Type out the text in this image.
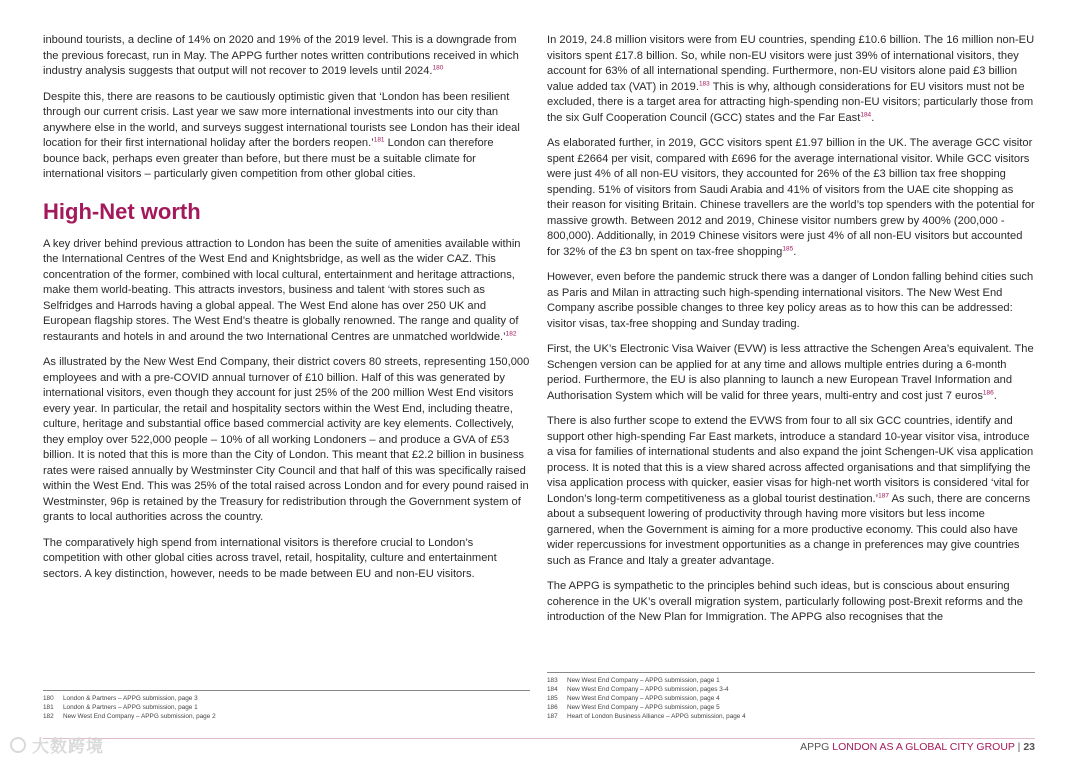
inbound tourists, a decline of 14% on 2020 and 19% of the 2019 level. This is a downgrade from the previous forecast, run in May. The APPG further notes written contributions received in which industry analysis suggests that output will not recover to 2019 levels until 2024.$^{180}$

Despite this, there are reasons to be cautiously optimistic given that ‘London has been resilient through our current crisis. Last year we saw more international investments into our city than anywhere else in the world, and surveys suggest international tourists see London has their ideal location for their first international holiday after the borders reopen.’$^{181}$ London can therefore bounce back, perhaps even greater than before, but there must be a suitable climate for international visitors – particularly given competition from other global cities.

High-Net worth

A key driver behind previous attraction to London has been the suite of amenities available within the International Centres of the West End and Knightsbridge, as well as the wider CAZ. This concentration of the former, combined with local cultural, entertainment and heritage attractions, make them world-beating. This attracts investors, business and talent ‘with stores such as Selfridges and Harrods having a global appeal. The West End alone has over 250 UK and European flagship stores. The West End’s theatre is globally renowned. The range and quality of restaurants and hotels in and around the two International Centres are unmatched worldwide.’$^{182}$

As illustrated by the New West End Company, their district covers 80 streets, representing 150,000 employees and with a pre-COVID annual turnover of £10 billion. Half of this was generated by international visitors, even though they account for just 25% of the 200 million West End visitors every year. In particular, the retail and hospitality sectors within the West End, including theatre, culture, heritage and substantial office based commercial activity are key elements. Collectively, they employ over 522,000 people – 10% of all working Londoners – and produce a GVA of £53 billion. It is noted that this is more than the City of London. This meant that £2.2 billion in business rates were raised annually by Westminster City Council and that half of this was specifically raised within the West End. This was 25% of the total raised across London and for every pound raised in Westminster, 96p is retained by the Treasury for redistribution through the Government system of grants to local authorities across the country.

The comparatively high spend from international visitors is therefore crucial to London’s competition with other global cities across travel, retail, hospitality, culture and entertainment sectors. A key distinction, however, needs to be made between EU and non-EU visitors.

In 2019, 24.8 million visitors were from EU countries, spending £10.6 billion. The 16 million non-EU visitors spent £17.8 billion. So, while non-EU visitors were just 39% of international visitors, they account for 63% of all international spending. Furthermore, non-EU visitors alone paid £3 billion value added tax (VAT) in 2019.$^{183}$ This is why, although considerations for EU visitors must not be excluded, there is a target area for attracting high-spending non-EU visitors; particularly those from the six Gulf Cooperation Council (GCC) states and the Far East$^{184}$.

As elaborated further, in 2019, GCC visitors spent £1.97 billion in the UK. The average GCC visitor spent £2664 per visit, compared with £696 for the average international visitor. While GCC visitors were just 4% of all non-EU visitors, they accounted for 26% of the £3 billion tax free shopping spending. 51% of visitors from Saudi Arabia and 41% of visitors from the UAE cite shopping as their reason for visiting Britain. Chinese travellers are the world’s top spenders with the potential for massive growth. Between 2012 and 2019, Chinese visitor numbers grew by 400% (200,000 - 800,000). Additionally, in 2019 Chinese visitors were just 4% of all non-EU visitors but accounted for 32% of the £3 bn spent on tax-free shopping$^{185}$.

However, even before the pandemic struck there was a danger of London falling behind cities such as Paris and Milan in attracting such high-spending international visitors. The New West End Company ascribe possible changes to three key policy areas as to how this can be addressed: visitor visas, tax-free shopping and Sunday trading.

First, the UK’s Electronic Visa Waiver (EVW) is less attractive the Schengen Area’s equivalent. The Schengen version can be applied for at any time and allows multiple entries during a 6-month period. Furthermore, the EU is also planning to launch a new European Travel Information and Authorisation System which will be valid for three years, multi-entry and cost just 7 euros$^{186}$.

There is also further scope to extend the EVWS from four to all six GCC countries, identify and support other high-spending Far East markets, introduce a standard 10-year visitor visa, introduce a visa for families of international students and also expand the joint Schengen-UK visa application process. It is noted that this is a view shared across affected organisations and that simplifying the visa application process with quicker, easier visas for high-net worth visitors is considered ‘vital for London’s long-term competitiveness as a global tourist destination.’$^{187}$ As such, there are concerns about a subsequent lowering of productivity through having more visitors but less income garnered, when the Government is aiming for a more productive economy. This could also have wider repercussions for investment opportunities as a change in preferences may give countries such as France and Italy a greater advantage.

The APPG is sympathetic to the principles behind such ideas, but is conscious about ensuring coherence in the UK’s overall migration system, particularly following post-Brexit reforms and the introduction of the New Plan for Immigration. The APPG also recognises that the

180	London & Partners – APPG submission, page 3
181	London & Partners – APPG submission, page 1
182	New West End Company – APPG submission, page 2
183	New West End Company – APPG submission, page 1
184	New West End Company – APPG submission, pages 3-4
185	New West End Company – APPG submission, page 4
186	New West End Company – APPG submission, page 5
187	Heart of London Business Alliance – APPG submission, page 4
APPG LONDON AS A GLOBAL CITY GROUP | 23
大数跨境
